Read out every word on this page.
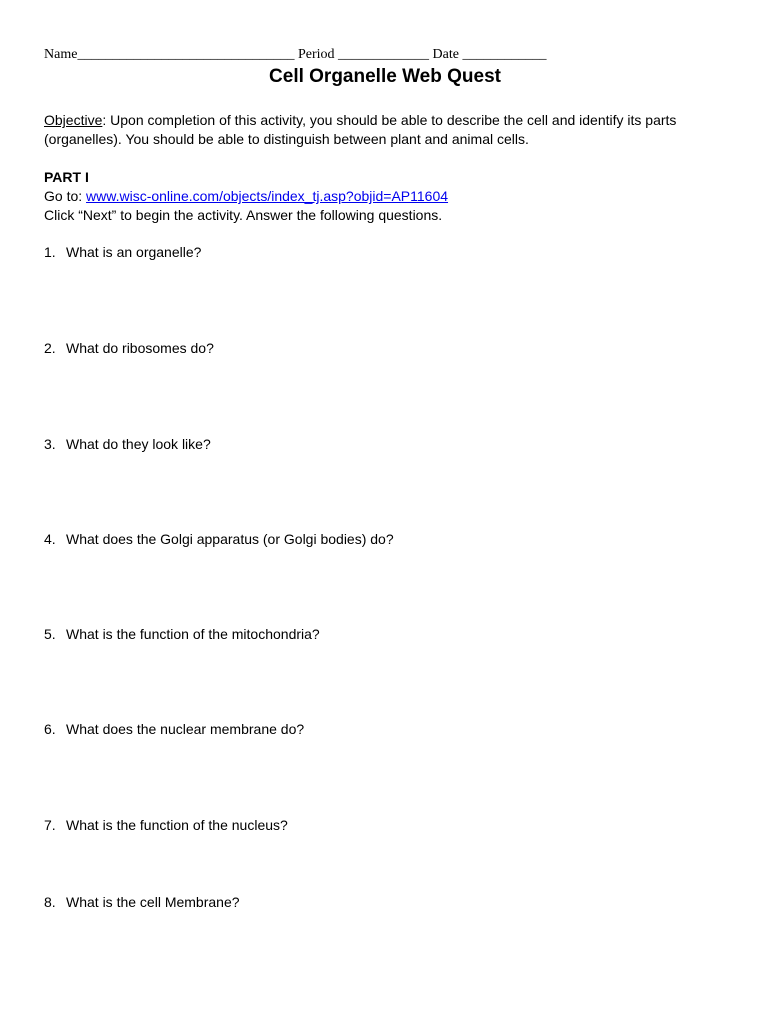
Name_______________________________ Period _____________ Date ____________
Cell Organelle Web Quest
Objective: Upon completion of this activity, you should be able to describe the cell and identify its parts (organelles). You should be able to distinguish between plant and animal cells.
PART I
Go to: www.wisc-online.com/objects/index_tj.asp?objid=AP11604
Click “Next” to begin the activity. Answer the following questions.
1. What is an organelle?
2. What do ribosomes do?
3. What do they look like?
4. What does the Golgi apparatus (or Golgi bodies) do?
5. What is the function of the mitochondria?
6. What does the nuclear membrane do?
7. What is the function of the nucleus?
8. What is the cell Membrane?
